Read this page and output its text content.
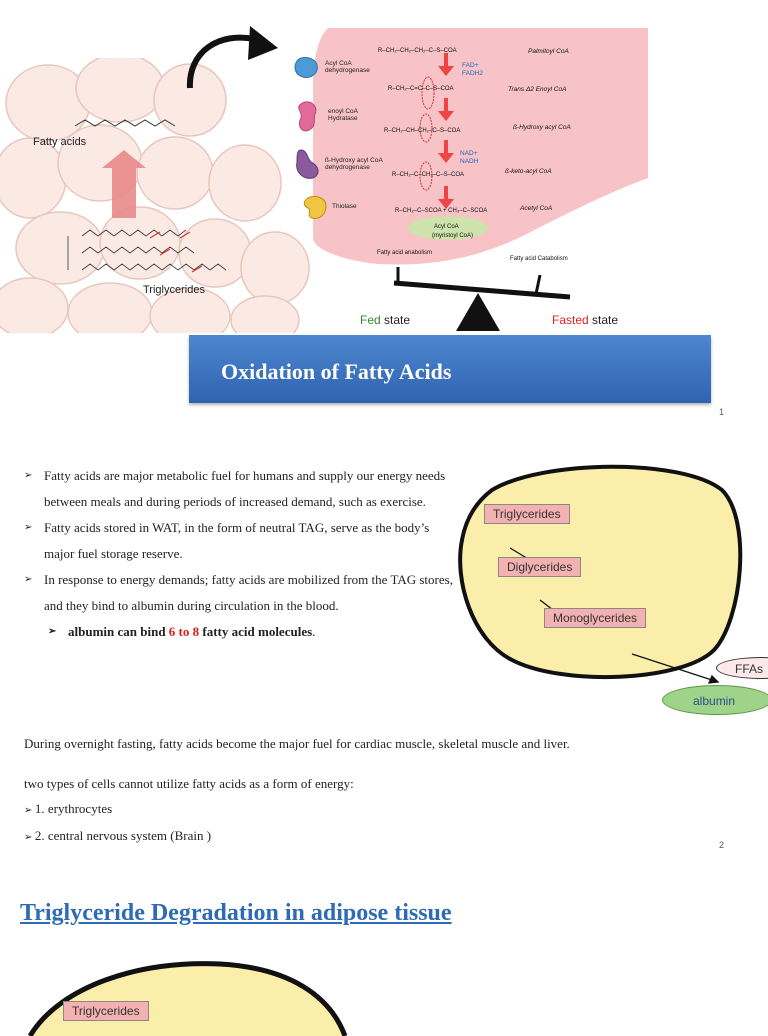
Fatty acids
Triglycerides
Acyl CoA dehydrogenase
enoyl CoA Hydratase
ß-Hydroxy acyl CoA dehydrogenase
Thiolase
R–CH₂–CH₂–CH₂–C–S–COA
R–CH₂–C=C–C–S–COA
R–CH₂–CH–CH₂–C–S–COA
R–CH₂–C–CH₂–C–S–COA
R–CH₂–C–SCOA + CH₃–C–SCOA
Palmitoyl CoA
Trans Δ2 Enoyl CoA
ß-Hydroxy acyl CoA
ß-keto-acyl CoA
Acetyl CoA
FAD+
FADH2
NAD+
NADH
Acyl CoA
(myristoyl CoA)
Fatty acid anabolism
Fatty acid Catabolism
Fed state	Fasted state
Oxidation of Fatty Acids
1
➢ Fatty acids are major metabolic fuel for humans and supply our energy needs between meals and during periods of increased demand, such as exercise.
➢ Fatty acids stored in WAT, in the form of neutral TAG, serve as the body’s major fuel storage reserve.
➢ In response to energy demands; fatty acids are mobilized from the TAG stores, and they bind to albumin during circulation in the blood.
➢ albumin can bind 6 to 8 fatty acid molecules.
Triglycerides
Diglycerides
Monoglycerides
FFAs
albumin
During overnight fasting, fatty acids become the major fuel for cardiac muscle, skeletal muscle and liver.
two types of cells cannot utilize fatty acids as a form of energy:
➢ 1. erythrocytes
➢ 2. central nervous system (Brain )
2
Triglyceride Degradation in adipose tissue
Triglycerides
